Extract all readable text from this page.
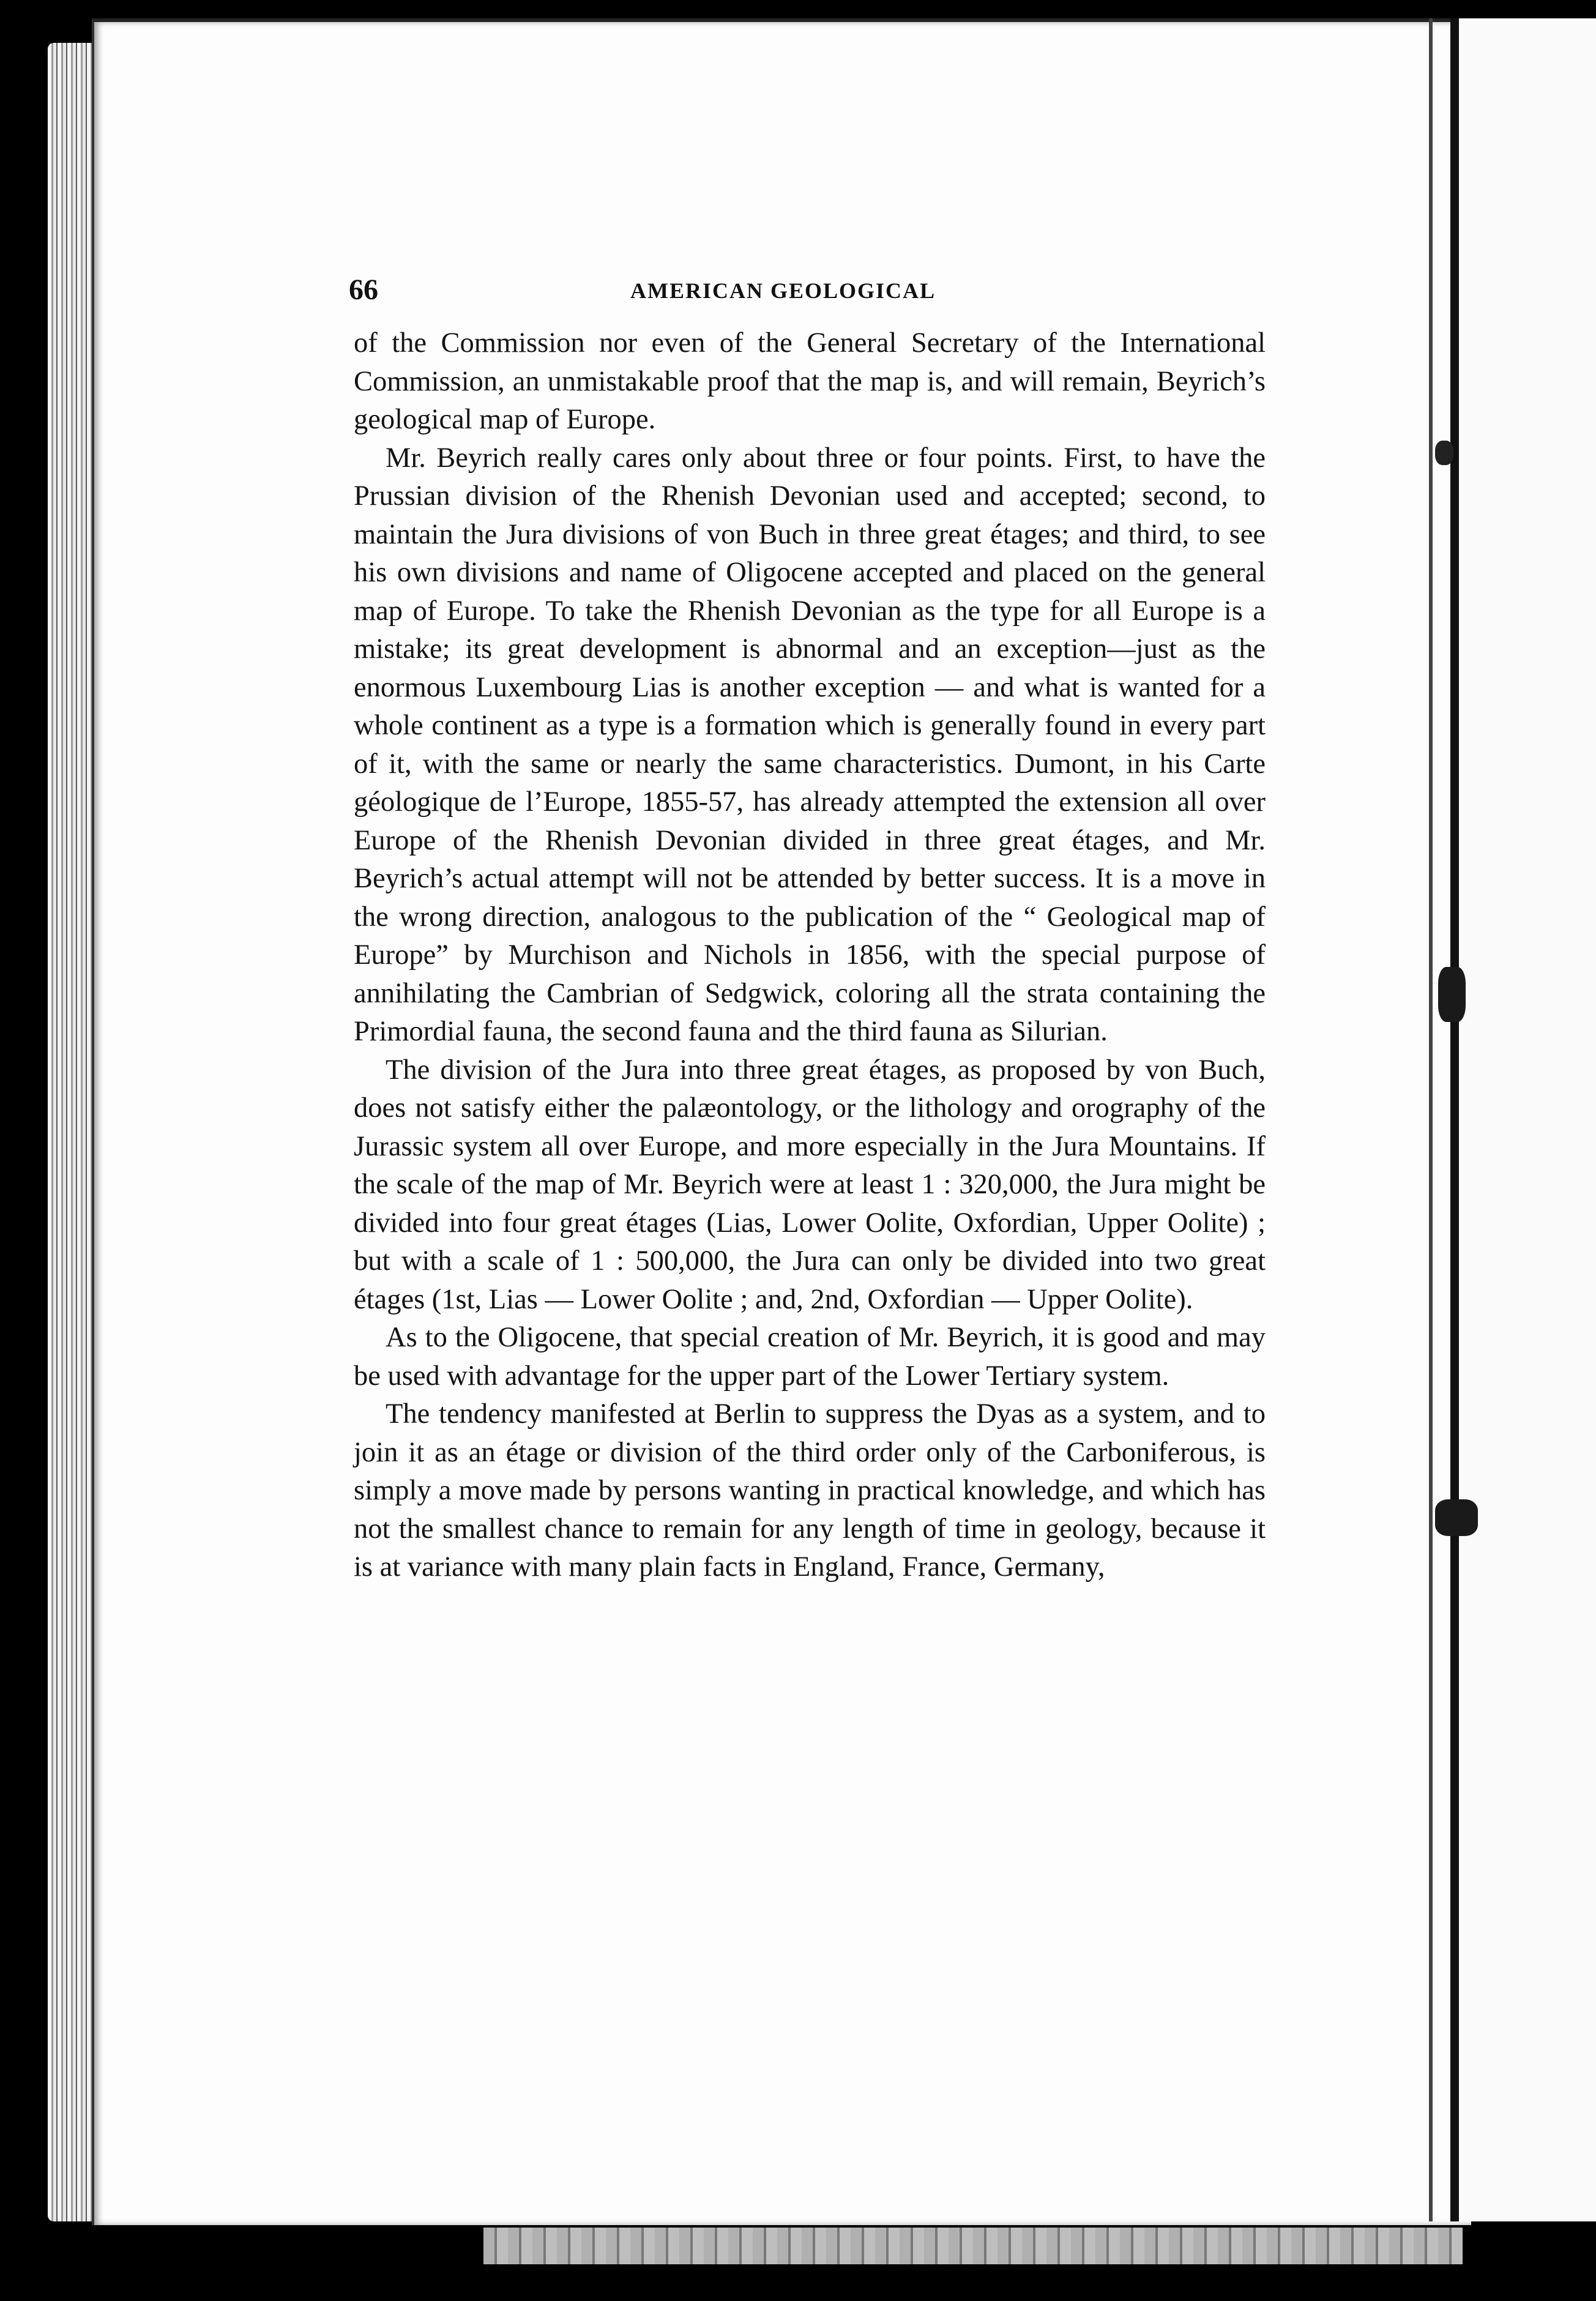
66	AMERICAN GEOLOGICAL

of the Commission nor even of the General Secretary of the International Commission, an unmistakable proof that the map is, and will remain, Beyrich’s geological map of Europe.

Mr. Beyrich really cares only about three or four points. First, to have the Prussian division of the Rhenish Devonian used and accepted; second, to maintain the Jura divisions of von Buch in three great étages; and third, to see his own divisions and name of Oligocene accepted and placed on the general map of Europe. To take the Rhenish Devonian as the type for all Europe is a mistake; its great development is abnormal and an exception—just as the enormous Luxembourg Lias is another exception — and what is wanted for a whole continent as a type is a formation which is generally found in every part of it, with the same or nearly the same characteristics. Dumont, in his Carte géologique de l’Europe, 1855-57, has already attempted the extension all over Europe of the Rhenish Devonian divided in three great étages, and Mr. Beyrich’s actual attempt will not be attended by better success. It is a move in the wrong direction, analogous to the publication of the “ Geological map of Europe” by Murchison and Nichols in 1856, with the special purpose of annihilating the Cambrian of Sedgwick, coloring all the strata containing the Primordial fauna, the second fauna and the third fauna as Silurian.

The division of the Jura into three great étages, as proposed by von Buch, does not satisfy either the palæontology, or the lithology and orography of the Jurassic system all over Europe, and more especially in the Jura Mountains. If the scale of the map of Mr. Beyrich were at least 1 : 320,000, the Jura might be divided into four great étages (Lias, Lower Oolite, Oxfordian, Upper Oolite) ; but with a scale of 1 : 500,000, the Jura can only be divided into two great étages (1st, Lias — Lower Oolite ; and, 2nd, Oxfordian — Upper Oolite).

As to the Oligocene, that special creation of Mr. Beyrich, it is good and may be used with advantage for the upper part of the Lower Tertiary system.

The tendency manifested at Berlin to suppress the Dyas as a system, and to join it as an étage or division of the third order only of the Carboniferous, is simply a move made by persons wanting in practical knowledge, and which has not the smallest chance to remain for any length of time in geology, because it is at variance with many plain facts in England, France, Germany,
